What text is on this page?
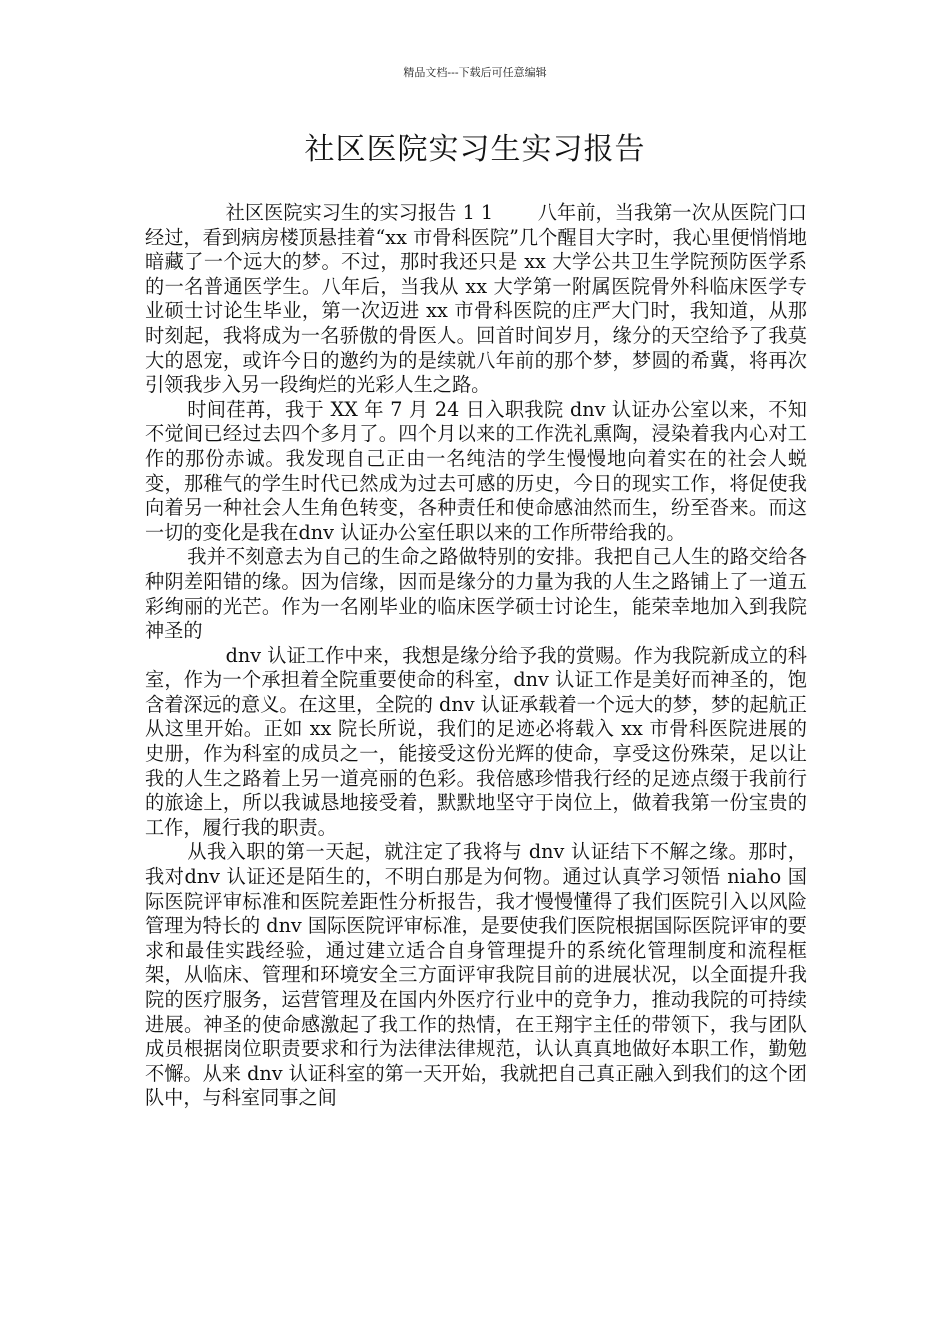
精品文档---下载后可任意编辑
社区医院实习生实习报告

社区医院实习生的实习报告 1 1　　 八年前，当我第一次从医院门口经过，看到病房楼顶悬挂着“xx 市骨科医院”几个醒目大字时，我心里便悄悄地暗藏了一个远大的梦。不过，那时我还只是 xx 大学公共卫生学院预防医学系的一名普通医学生。八年后，当我从 xx 大学第一附属医院骨外科临床医学专业硕士讨论生毕业，第一次迈进 xx 市骨科医院的庄严大门时，我知道，从那时刻起，我将成为一名骄傲的骨医人。回首时间岁月，缘分的天空给予了我莫大的恩宠，或许今日的邀约为的是续就八年前的那个梦，梦圆的希冀，将再次引领我步入另一段绚烂的光彩人生之路。

时间荏苒，我于 XX 年 7 月 24 日入职我院 dnv 认证办公室以来，不知不觉间已经过去四个多月了。四个月以来的工作洗礼熏陶，浸染着我内心对工作的那份赤诚。我发现自己正由一名纯洁的学生慢慢地向着实在的社会人蜕变，那稚气的学生时代已然成为过去可感的历史，今日的现实工作，将促使我向着另一种社会人生角色转变，各种责任和使命感油然而生，纷至沓来。而这一切的变化是我在dnv 认证办公室任职以来的工作所带给我的。

我并不刻意去为自己的生命之路做特别的安排。我把自己人生的路交给各种阴差阳错的缘。因为信缘，因而是缘分的力量为我的人生之路铺上了一道五彩绚丽的光芒。作为一名刚毕业的临床医学硕士讨论生，能荣幸地加入到我院神圣的

dnv 认证工作中来，我想是缘分给予我的赏赐。作为我院新成立的科室，作为一个承担着全院重要使命的科室，dnv 认证工作是美好而神圣的，饱含着深远的意义。在这里，全院的 dnv 认证承载着一个远大的梦，梦的起航正从这里开始。正如 xx 院长所说，我们的足迹必将载入 xx 市骨科医院进展的史册，作为科室的成员之一，能接受这份光辉的使命，享受这份殊荣，足以让我的人生之路着上另一道亮丽的色彩。我倍感珍惜我行经的足迹点缀于我前行的旅途上，所以我诚恳地接受着，默默地坚守于岗位上，做着我第一份宝贵的工作，履行我的职责。

从我入职的第一天起，就注定了我将与 dnv 认证结下不解之缘。那时，我对dnv 认证还是陌生的，不明白那是为何物。通过认真学习领悟 niaho 国际医院评审标准和医院差距性分析报告，我才慢慢懂得了我们医院引入以风险管理为特长的 dnv 国际医院评审标准，是要使我们医院根据国际医院评审的要求和最佳实践经验，通过建立适合自身管理提升的系统化管理制度和流程框架，从临床、管理和环境安全三方面评审我院目前的进展状况，以全面提升我院的医疗服务，运营管理及在国内外医疗行业中的竞争力，推动我院的可持续进展。神圣的使命感激起了我工作的热情，在王翔宇主任的带领下，我与团队成员根据岗位职责要求和行为法律法律规范，认认真真地做好本职工作，勤勉不懈。从来 dnv 认证科室的第一天开始，我就把自己真正融入到我们的这个团队中，与科室同事之间
